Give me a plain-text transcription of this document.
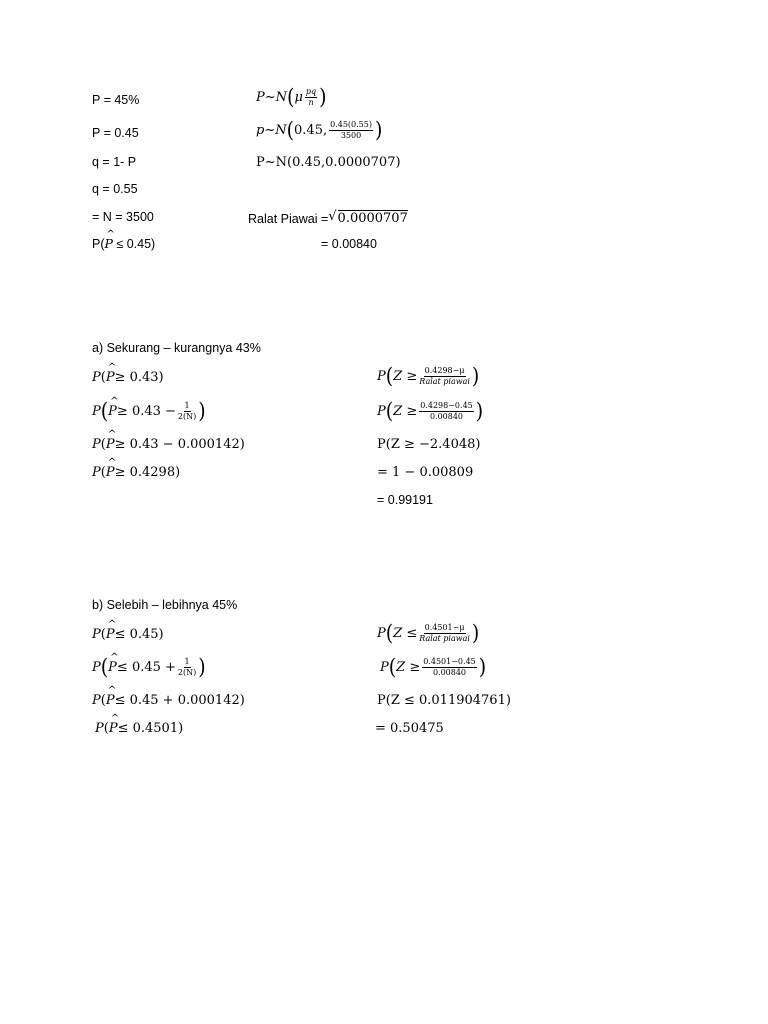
P = 45%
P = 0.45
q = 1- P
q = 0.55
= N = 3500
P(^ P ≤ 0.45)
P~N ( μ $\frac{pq}{n}$ )
p~N ( 0.45, $\frac{0.45(0.55)}{3500}$ )
P~N(0.45,0.0000707)
Ralat Piawai = √ 0.0000707
= 0.00840
a) Sekurang – kurangnya 43%
P ( ^ P ≥ 0.43)
P ( ^ $P \ge 0.43 - \frac{1}{2(N)}$ )
P ( ^ P ≥ 0.43 − 0.000142)
P ( ^ P ≥ 0.4298)
P ( $Z \ge \frac{0.4298-\mu}{\text{Ralat piawai}}$ )
P ( $Z \ge \frac{0.4298-0.45}{0.00840}$ )
P(Z ≥ −2.4048)
= 1 − 0.00809
= 0.99191
b) Selebih – lebihnya 45%
P ( ^ P ≤ 0.45)
P ( ^ $P \le 0.45 + \frac{1}{2(N)}$ )
P ( ^ P ≤ 0.45 + 0.000142)
P ( ^ P ≤ 0.4501)
P ( $Z \le \frac{0.4501-\mu}{\text{Ralat piawai}}$ )
P ( $Z \ge \frac{0.4501-0.45}{0.00840}$ )
P(Z ≤ 0.011904761)
= 0.50475
